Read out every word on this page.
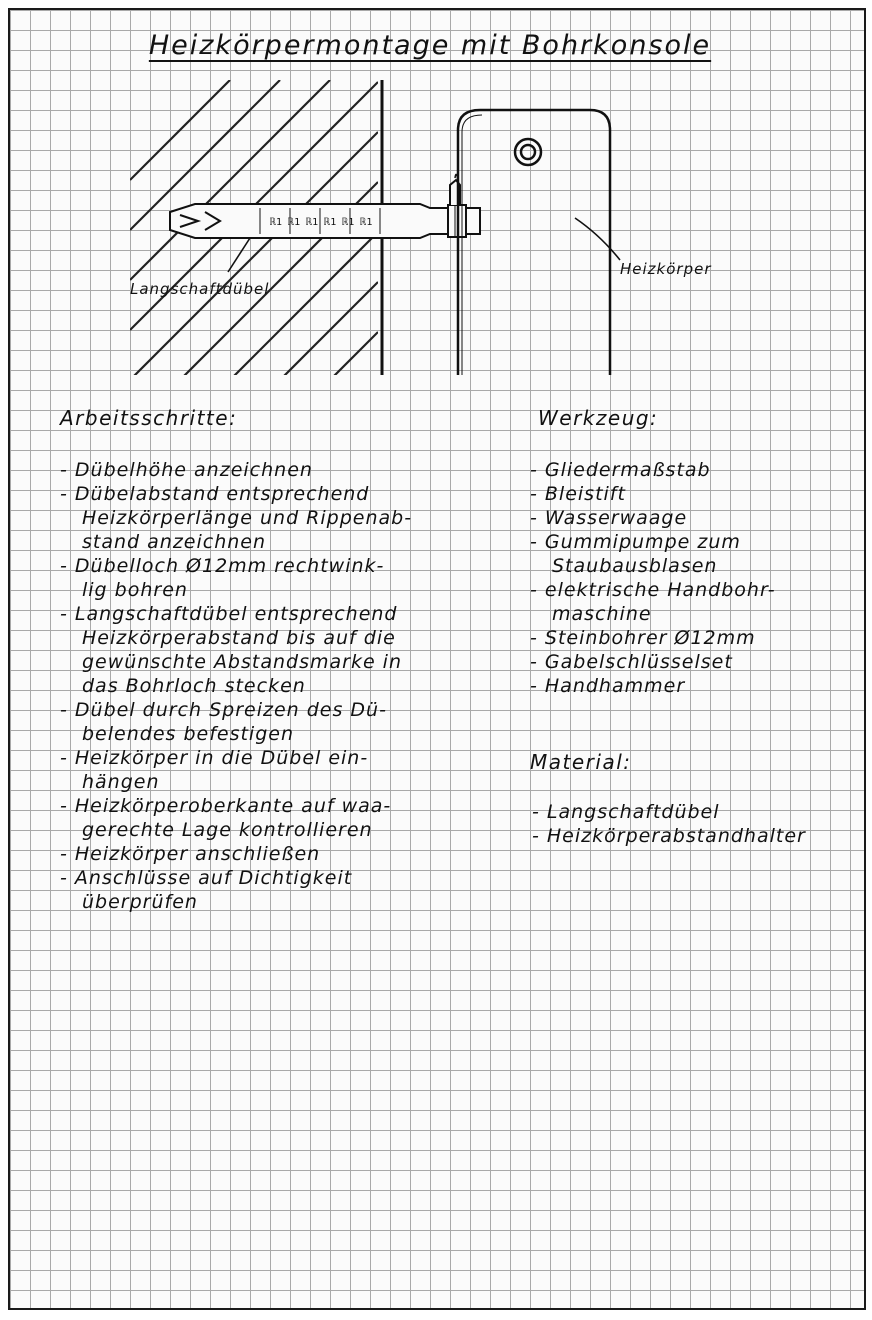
Heizkörpermontage mit Bohrkonsole
ℝ1 ℝ1 ℝ1 ℝ1 ℝ1 ℝ1
Langschaftdübel
Heizkörper
Arbeitsschritte:
- Dübelhöhe anzeichnen
- Dübelabstand entsprechend
Heizkörperlänge und Rippenab-
stand anzeichnen
- Dübelloch Ø12mm rechtwink-
lig bohren
- Langschaftdübel entsprechend
Heizkörperabstand bis auf die
gewünschte Abstandsmarke in
das Bohrloch stecken
- Dübel durch Spreizen des Dü-
belendes befestigen
- Heizkörper in die Dübel ein-
hängen
- Heizkörperoberkante auf waa-
gerechte Lage kontrollieren
- Heizkörper anschließen
- Anschlüsse auf Dichtigkeit
überprüfen
Werkzeug:
- Gliedermaßstab
- Bleistift
- Wasserwaage
- Gummipumpe zum
Staubausblasen
- elektrische Handbohr-
maschine
- Steinbohrer Ø12mm
- Gabelschlüsselset
- Handhammer
Material:
- Langschaftdübel
- Heizkörperabstandhalter
